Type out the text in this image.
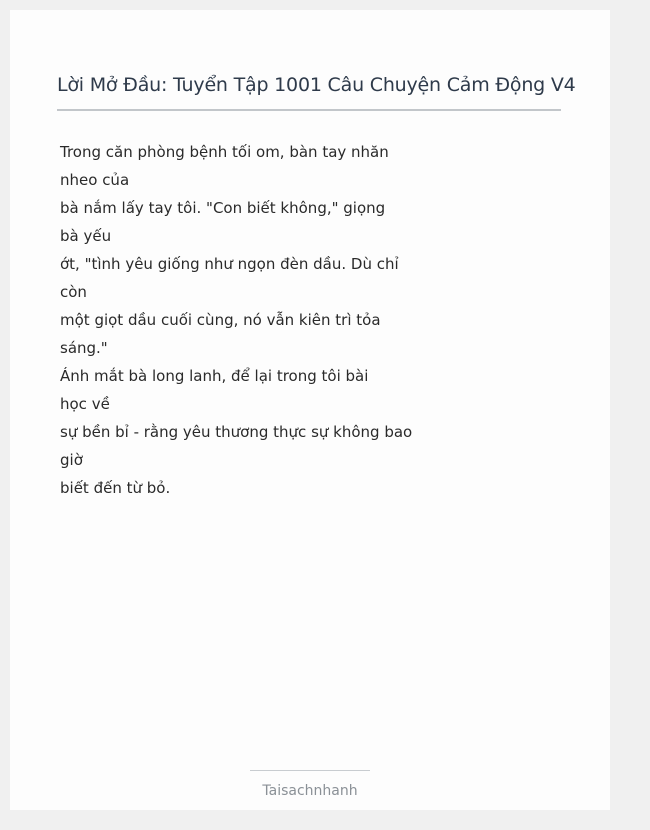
Lời Mở Đầu: Tuyển Tập 1001 Câu Chuyện Cảm Động V4
Trong căn phòng bệnh tối om, bàn tay nhăn
nheo của
bà nắm lấy tay tôi. "Con biết không," giọng
bà yếu
ớt, "tình yêu giống như ngọn đèn dầu. Dù chỉ
còn
một giọt dầu cuối cùng, nó vẫn kiên trì tỏa
sáng."
Ánh mắt bà long lanh, để lại trong tôi bài
học về
sự bền bỉ - rằng yêu thương thực sự không bao
giờ
biết đến từ bỏ.
Taisachnhanh
